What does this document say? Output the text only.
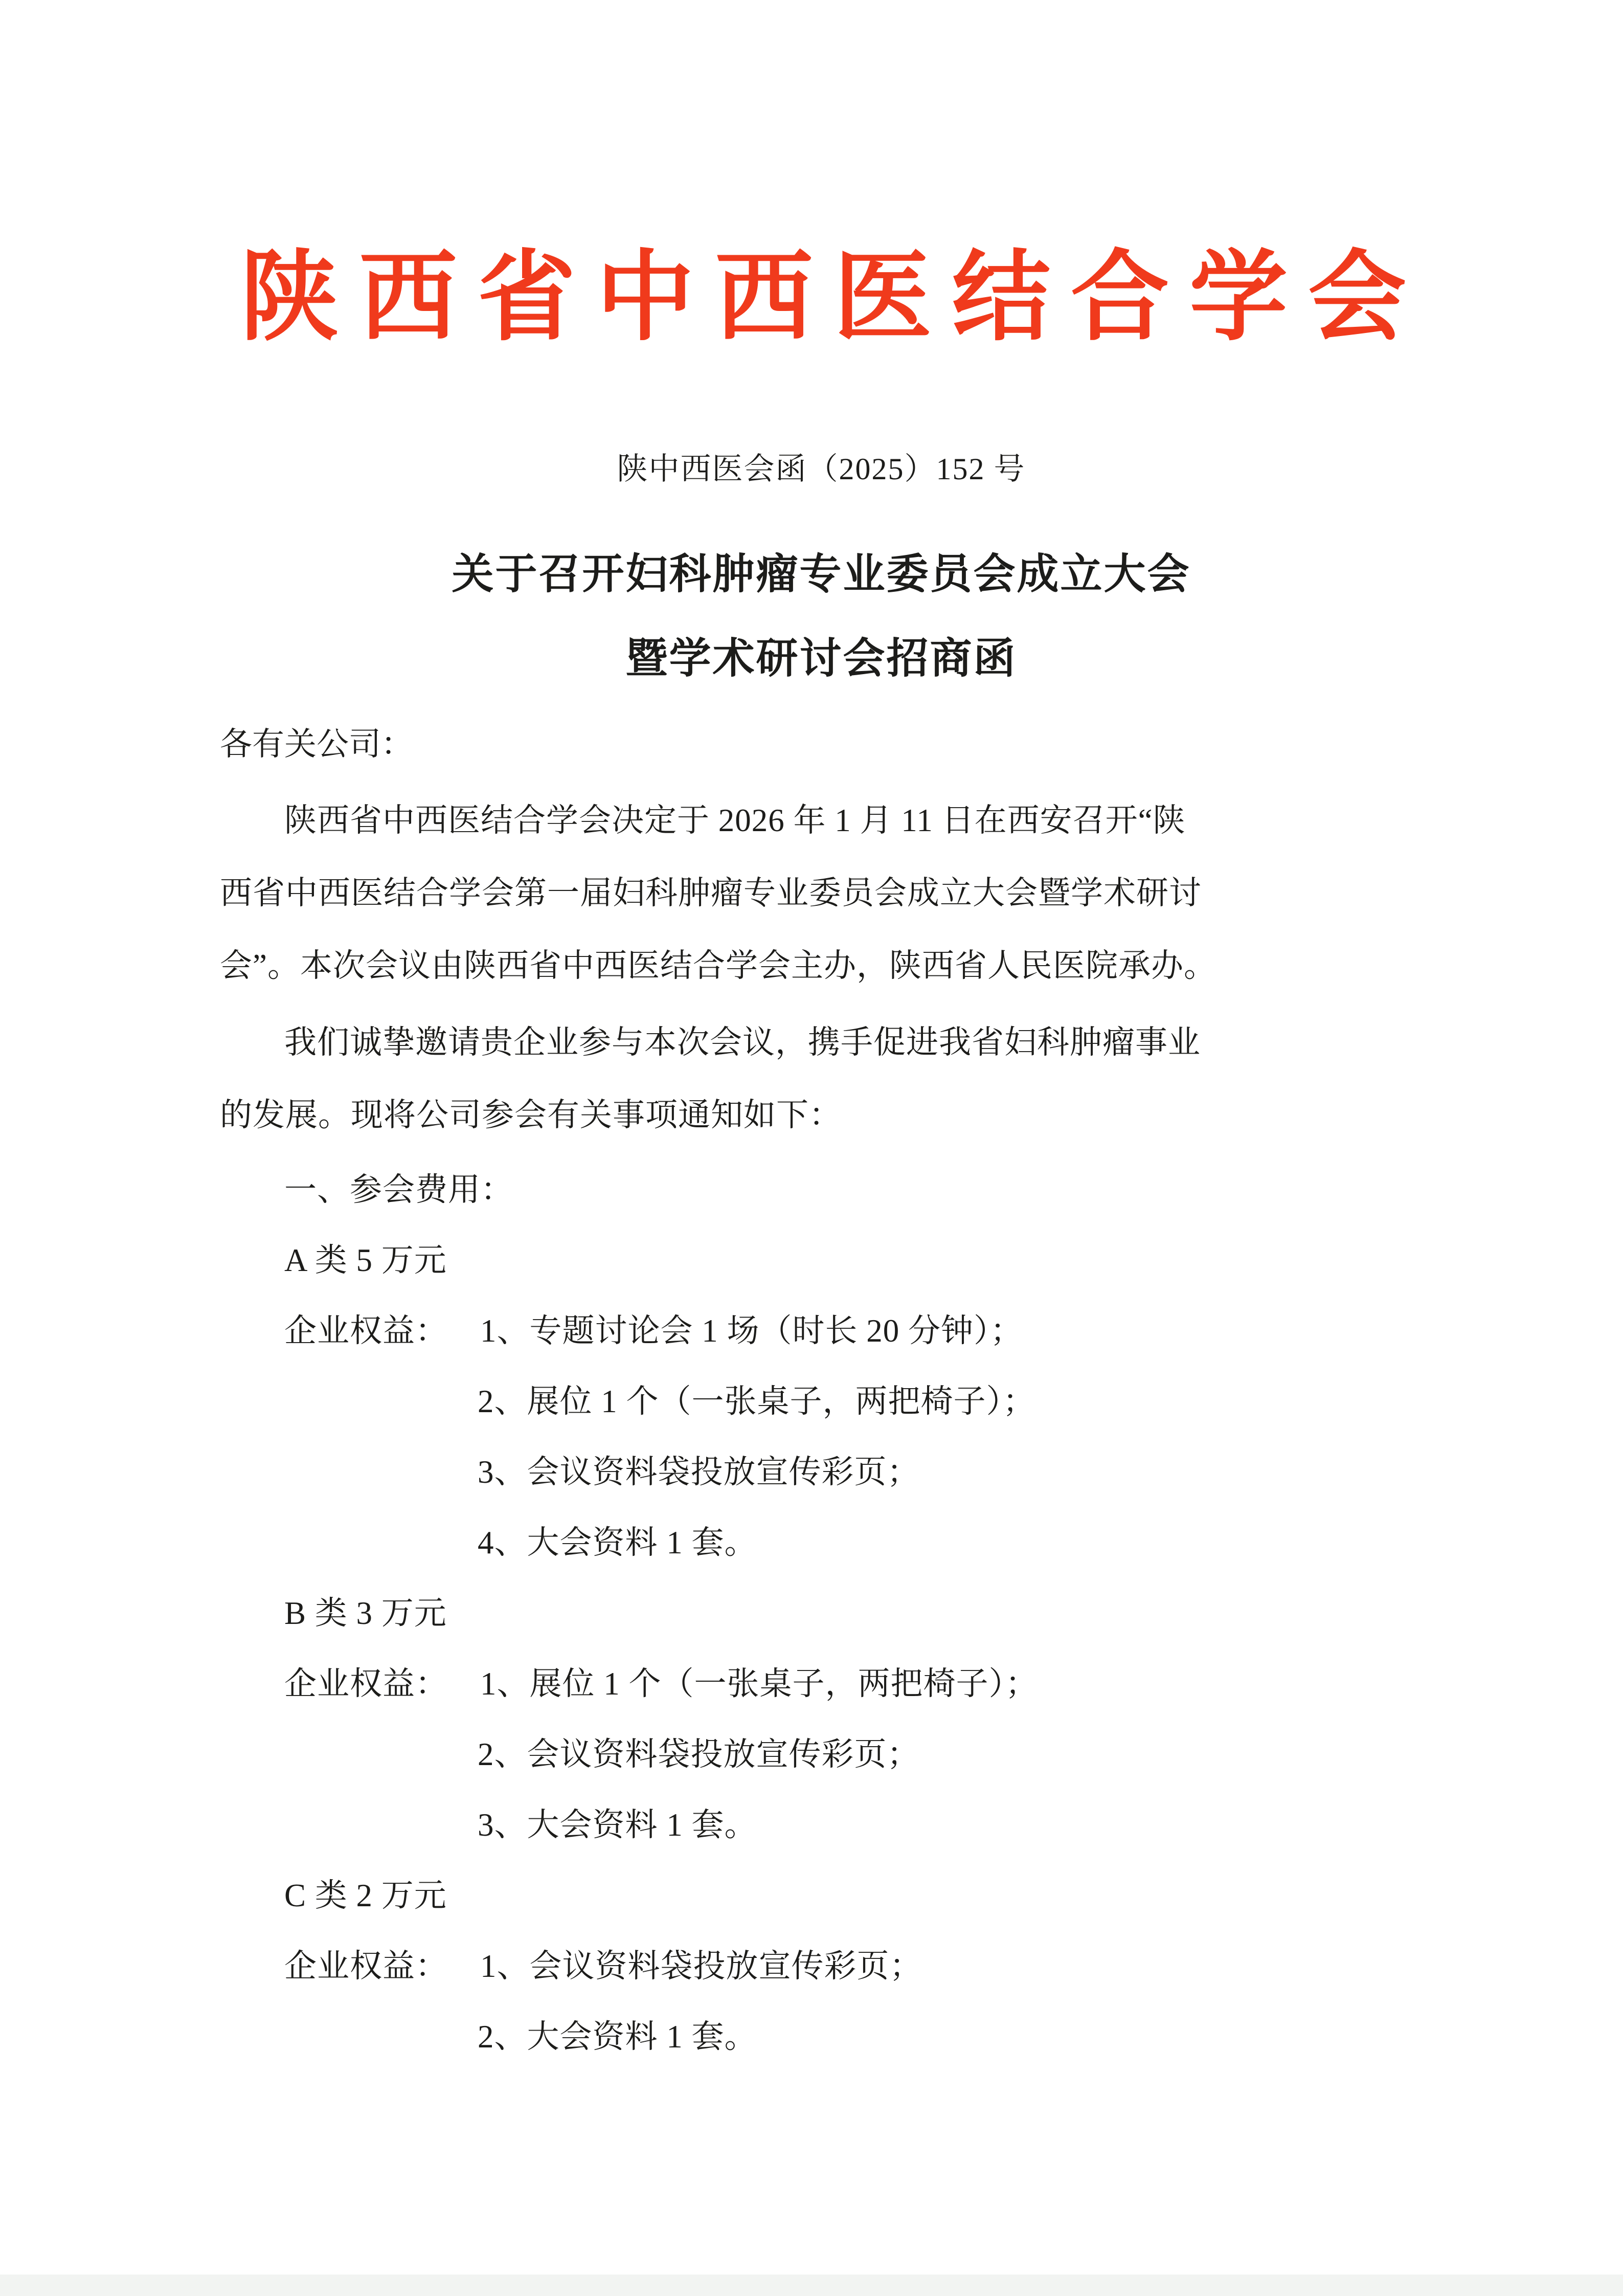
陕西省中西医结合学会
陕中西医会函（2025）152 号
关于召开妇科肿瘤专业委员会成立大会
暨学术研讨会招商函
各有关公司：
陕西省中西医结合学会决定于 2026 年 1 月 11 日在西安召开“陕
西省中西医结合学会第一届妇科肿瘤专业委员会成立大会暨学术研讨
会”。本次会议由陕西省中西医结合学会主办，陕西省人民医院承办。
我们诚挚邀请贵企业参与本次会议，携手促进我省妇科肿瘤事业
的发展。现将公司参会有关事项通知如下：
一、参会费用：
A 类 5 万元
企业权益： 1、专题讨论会 1 场（时长 20 分钟）；
2、展位 1 个（一张桌子，两把椅子）；
3、会议资料袋投放宣传彩页；
4、大会资料 1 套。
B 类 3 万元
企业权益： 1、展位 1 个（一张桌子，两把椅子）；
2、会议资料袋投放宣传彩页；
3、大会资料 1 套。
C 类 2 万元
企业权益： 1、会议资料袋投放宣传彩页；
2、大会资料 1 套。
